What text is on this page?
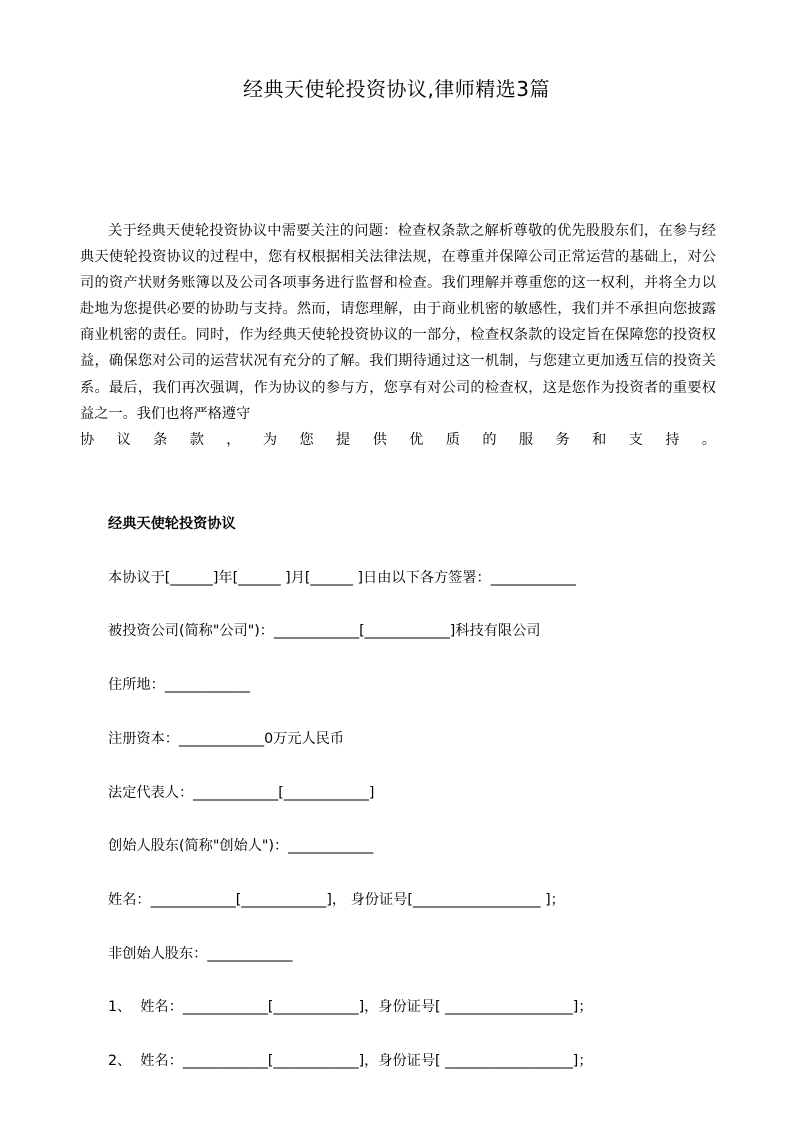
经典天使轮投资协议,律师精选3篇
关于经典天使轮投资协议中需要关注的问题：检查权条款之解析尊敬的优先股股东们，在参与经典天使轮投资协议的过程中，您有权根据相关法律法规，在尊重并保障公司正常运营的基础上，对公司的资产状财务账簿以及公司各项事务进行监督和检查。我们理解并尊重您的这一权利，并将全力以赴地为您提供必要的协助与支持。然而，请您理解，由于商业机密的敏感性，我们并不承担向您披露商业机密的责任。同时，作为经典天使轮投资协议的一部分，检查权条款的设定旨在保障您的投资权益，确保您对公司的运营状况有充分的了解。我们期待通过这一机制，与您建立更加透互信的投资关系。最后，我们再次强调，作为协议的参与方，您享有对公司的检查权，这是您作为投资者的重要权益之一。我们也将严格遵守
协议条款，为您提供优质的服务和支持。
经典天使轮投资协议
本协议于[______]年[______ ]月[______ ]日由以下各方签署：____________
被投资公司(简称"公司")：____________[____________]科技有限公司
住所地：____________
注册资本：____________0万元人民币
法定代表人：____________[____________]
创始人股东(简称"创始人")：____________
姓名：____________[____________]， 身份证号[__________________ ]；
非创始人股东：____________
1、  姓名：____________[____________]，身份证号[ __________________]；
2、  姓名：____________[____________]，身份证号[ __________________]；
